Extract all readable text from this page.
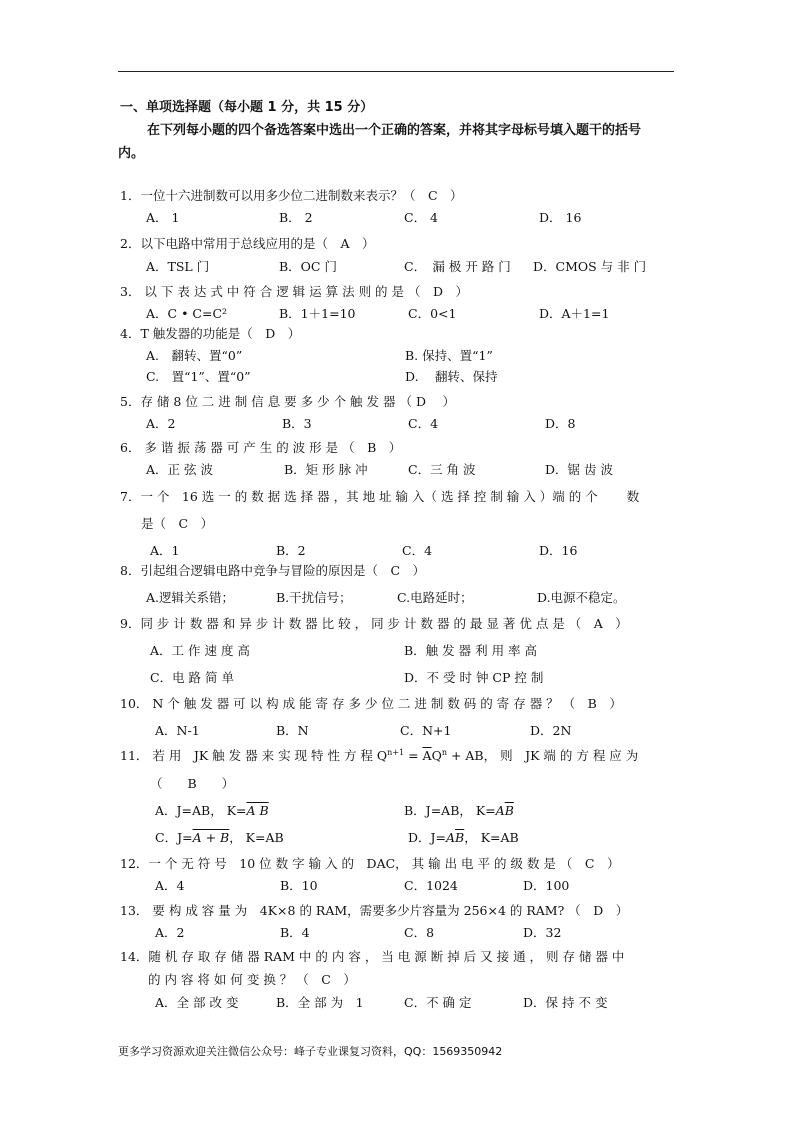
一、单项选择题（每小题 1 分，共 15 分）
在下列每小题的四个备选答案中选出一个正确的答案，并将其字母标号填入题干的括号
内。
1．一位十六进制数可以用多少位二进制数来表示？（　C　）
A． 1	B． 2	C． 4	D． 16
2．以下电路中常用于总线应用的是（　A　）
A．TSL 门	B．OC 门	C．　漏 极 开 路 门 D．CMOS 与 非 门
3． 以 下 表 达 式 中 符 合 逻 辑 运 算 法 则 的 是 （　D　）
A．C • C=C²	B．1＋1=10	C．0<1	D．A＋1=1
4．T 触发器的功能是（　D　）
A.　翻转、置“0”	B. 保持、置“1”
C.　置“1”、置“0”	D.　 翻转、保持
5．存 储 8 位 二 进 制 信 息 要 多 少 个 触 发 器 （ D　 ）
A．2	B．3	C．4	D．8
6． 多 谐 振 荡 器 可 产 生 的 波 形 是 （　B　）
A．正 弦 波	B．矩 形 脉 冲	C．三 角 波	D．锯 齿 波
7．一 个　16 选 一 的 数 据 选 择 器 ，其 地 址 输 入（ 选 择 控 制 输 入 ）端 的 个　　 数
是（　C　）
A．1	B．2	C．4	D．16
8．引起组合逻辑电路中竞争与冒险的原因是（　C　）
A.逻辑关系错；	B.干扰信号；	C.电路延时；	D.电源不稳定。
9．同 步 计 数 器 和 异 步 计 数 器 比 较 ， 同 步 计 数 器 的 最 显 著 优 点 是 （　A　）
A．工 作 速 度 高	B．触 发 器 利 用 率 高
C．电 路 简 单	D．不 受 时 钟 CP 控 制
10． N 个 触 发 器 可 以 构 成 能 寄 存 多 少 位 二 进 制 数 码 的 寄 存 器 ？ （　B　）
A．N-1	B．N	C．N+1	D．2N
11． 若 用　JK 触 发 器 来 实 现 特 性 方 程 $Q^{n+1} = \overline{A}Q^n$ + AB， 则　JK 端 的 方 程 应 为
（　　B　　）
A．J=AB， K=A B	B．J=AB， $K=A\overline{B}$
C．J=A + B， K=AB	D．$J=A\overline{B}$， K=AB
12．一 个 无 符 号　10 位 数 字 输 入 的　DAC， 其 输 出 电 平 的 级 数 是 （　C　）
A．4	B．10	C．1024	D．100
13． 要 构 成 容 量 为　4K×8 的 RAM，需要多少片容量为 256×4 的 RAM? （　D　）
A．2	B．4	C．8	D．32
14．随 机 存 取 存 储 器 RAM 中 的 内 容 ， 当 电 源 断 掉 后 又 接 通 ， 则 存 储 器 中
的 内 容 将 如 何 变 换 ？ （　C　）
A．全 部 改 变	B．全 部 为　1	C．不 确 定	D．保 持 不 变
更多学习资源欢迎关注微信公众号：峰子专业课复习资料，QQ：1569350942
